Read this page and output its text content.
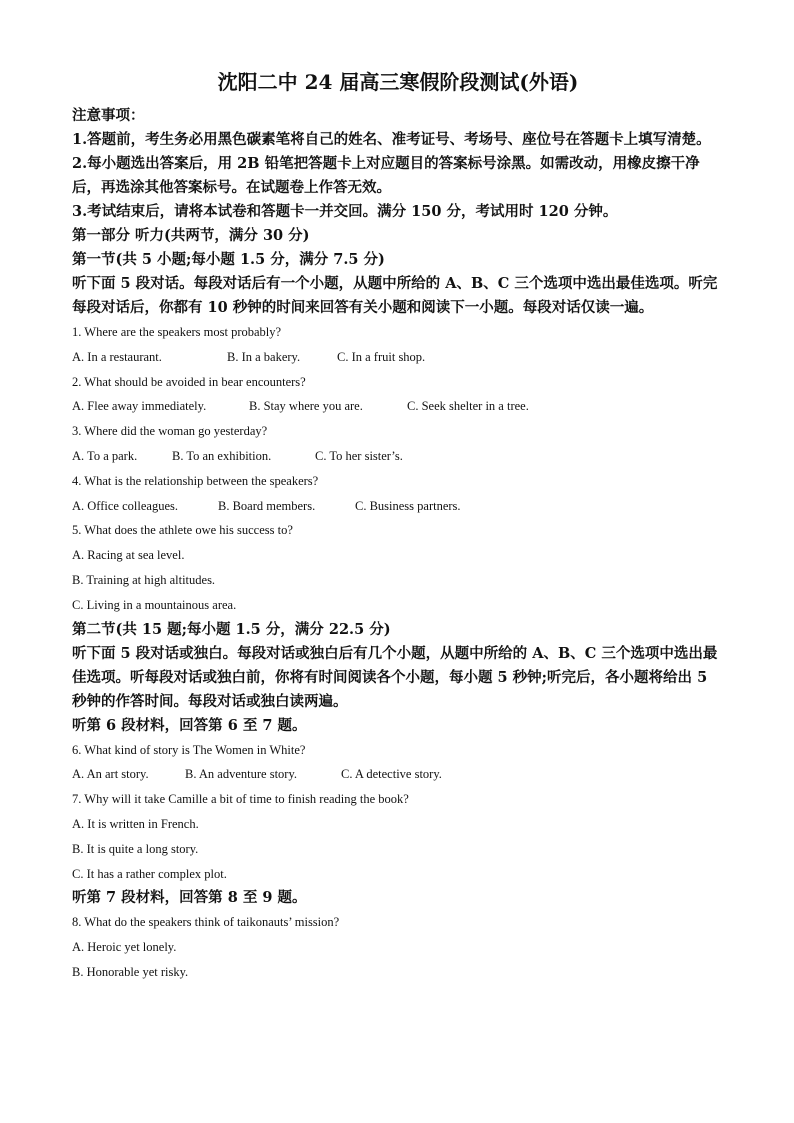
沈阳二中 24 届高三寒假阶段测试(外语)

注意事项：

1.答题前，考生务必用黑色碳素笔将自己的姓名、准考证号、考场号、座位号在答题卡上填写清楚。

2.每小题选出答案后，用 2B 铅笔把答题卡上对应题目的答案标号涂黑。如需改动，用橡皮擦干净后，再选涂其他答案标号。在试题卷上作答无效。

3.考试结束后，请将本试卷和答题卡一并交回。满分 150 分，考试用时 120 分钟。

第一部分 听力(共两节，满分 30 分)

第一节(共 5 小题;每小题 1.5 分，满分 7.5 分)

听下面 5 段对话。每段对话后有一个小题，从题中所给的 A、B、C 三个选项中选出最佳选项。听完每段对话后，你都有 10 秒钟的时间来回答有关小题和阅读下一小题。每段对话仅读一遍。

1. Where are the speakers most probably?

A. In a restaurant.	B. In a bakery.	C. In a fruit shop.

2. What should be avoided in bear encounters?

A. Flee away immediately.	B. Stay where you are.	C. Seek shelter in a tree.

3. Where did the woman go yesterday?

A. To a park.	B. To an exhibition.	C. To her sister’s.

4. What is the relationship between the speakers?

A. Office colleagues.	B. Board members.	C. Business partners.

5. What does the athlete owe his success to?

A. Racing at sea level.

B. Training at high altitudes.

C. Living in a mountainous area.

第二节(共 15 题;每小题 1.5 分，满分 22.5 分)

听下面 5 段对话或独白。每段对话或独白后有几个小题，从题中所给的 A、B、C 三个选项中选出最佳选项。听每段对话或独白前，你将有时间阅读各个小题，每小题 5 秒钟;听完后，各小题将给出 5 秒钟的作答时间。每段对话或独白读两遍。

听第 6 段材料，回答第 6 至 7 题。

6. What kind of story is The Women in White?

A. An art story.	B. An adventure story.	C. A detective story.

7. Why will it take Camille a bit of time to finish reading the book?

A. It is written in French.

B. It is quite a long story.

C. It has a rather complex plot.

听第 7 段材料，回答第 8 至 9 题。

8. What do the speakers think of taikonauts’ mission?

A. Heroic yet lonely.

B. Honorable yet risky.
